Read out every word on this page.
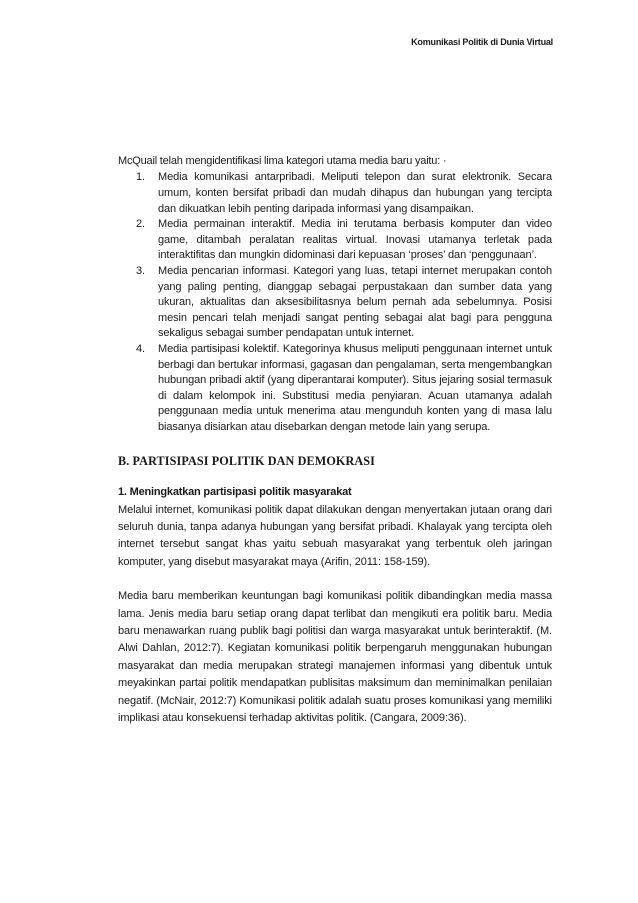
Komunikasi Politik di Dunia Virtual

McQuail telah mengidentifikasi lima kategori utama media baru yaitu: ·

1. Media komunikasi antarpribadi. Meliputi telepon dan surat elektronik. Secara umum, konten bersifat pribadi dan mudah dihapus dan hubungan yang tercipta dan dikuatkan lebih penting daripada informasi yang disampaikan.
2. Media permainan interaktif. Media ini terutama berbasis komputer dan video game, ditambah peralatan realitas virtual. Inovasi utamanya terletak pada interaktifitas dan mungkin didominasi dari kepuasan ‘proses’ dan ‘penggunaan’.
3. Media pencarian informasi. Kategori yang luas, tetapi internet merupakan contoh yang paling penting, dianggap sebagai perpustakaan dan sumber data yang ukuran, aktualitas dan aksesibilitasnya belum pernah ada sebelumnya. Posisi mesin pencari telah menjadi sangat penting sebagai alat bagi para pengguna sekaligus sebagai sumber pendapatan untuk internet.
4. Media partisipasi kolektif. Kategorinya khusus meliputi penggunaan internet untuk berbagi dan bertukar informasi, gagasan dan pengalaman, serta mengembangkan hubungan pribadi aktif (yang diperantarai komputer). Situs jejaring sosial termasuk di dalam kelompok ini. Substitusi media penyiaran. Acuan utamanya adalah penggunaan media untuk menerima atau mengunduh konten yang di masa lalu biasanya disiarkan atau disebarkan dengan metode lain yang serupa.
B. PARTISIPASI POLITIK DAN DEMOKRASI
1. Meningkatkan partisipasi politik masyarakat

Melalui internet, komunikasi politik dapat dilakukan dengan menyertakan jutaan orang dari seluruh dunia, tanpa adanya hubungan yang bersifat pribadi. Khalayak yang tercipta oleh internet tersebut sangat khas yaitu sebuah masyarakat yang terbentuk oleh jaringan komputer, yang disebut masyarakat maya (Arifin, 2011: 158-159).

Media baru memberikan keuntungan bagi komunikasi politik dibandingkan media massa lama. Jenis media baru setiap orang dapat terlibat dan mengikuti era politik baru. Media baru menawarkan ruang publik bagi politisi dan warga masyarakat untuk berinteraktif. (M. Alwi Dahlan, 2012:7). Kegiatan komunikasi politik berpengaruh menggunakan hubungan masyarakat dan media merupakan strategi manajemen informasi yang dibentuk untuk meyakinkan partai politik mendapatkan publisitas maksimum dan meminimalkan penilaian negatif. (McNair, 2012:7) Komunikasi politik adalah suatu proses komunikasi yang memiliki implikasi atau konsekuensi terhadap aktivitas politik. (Cangara, 2009:36).
